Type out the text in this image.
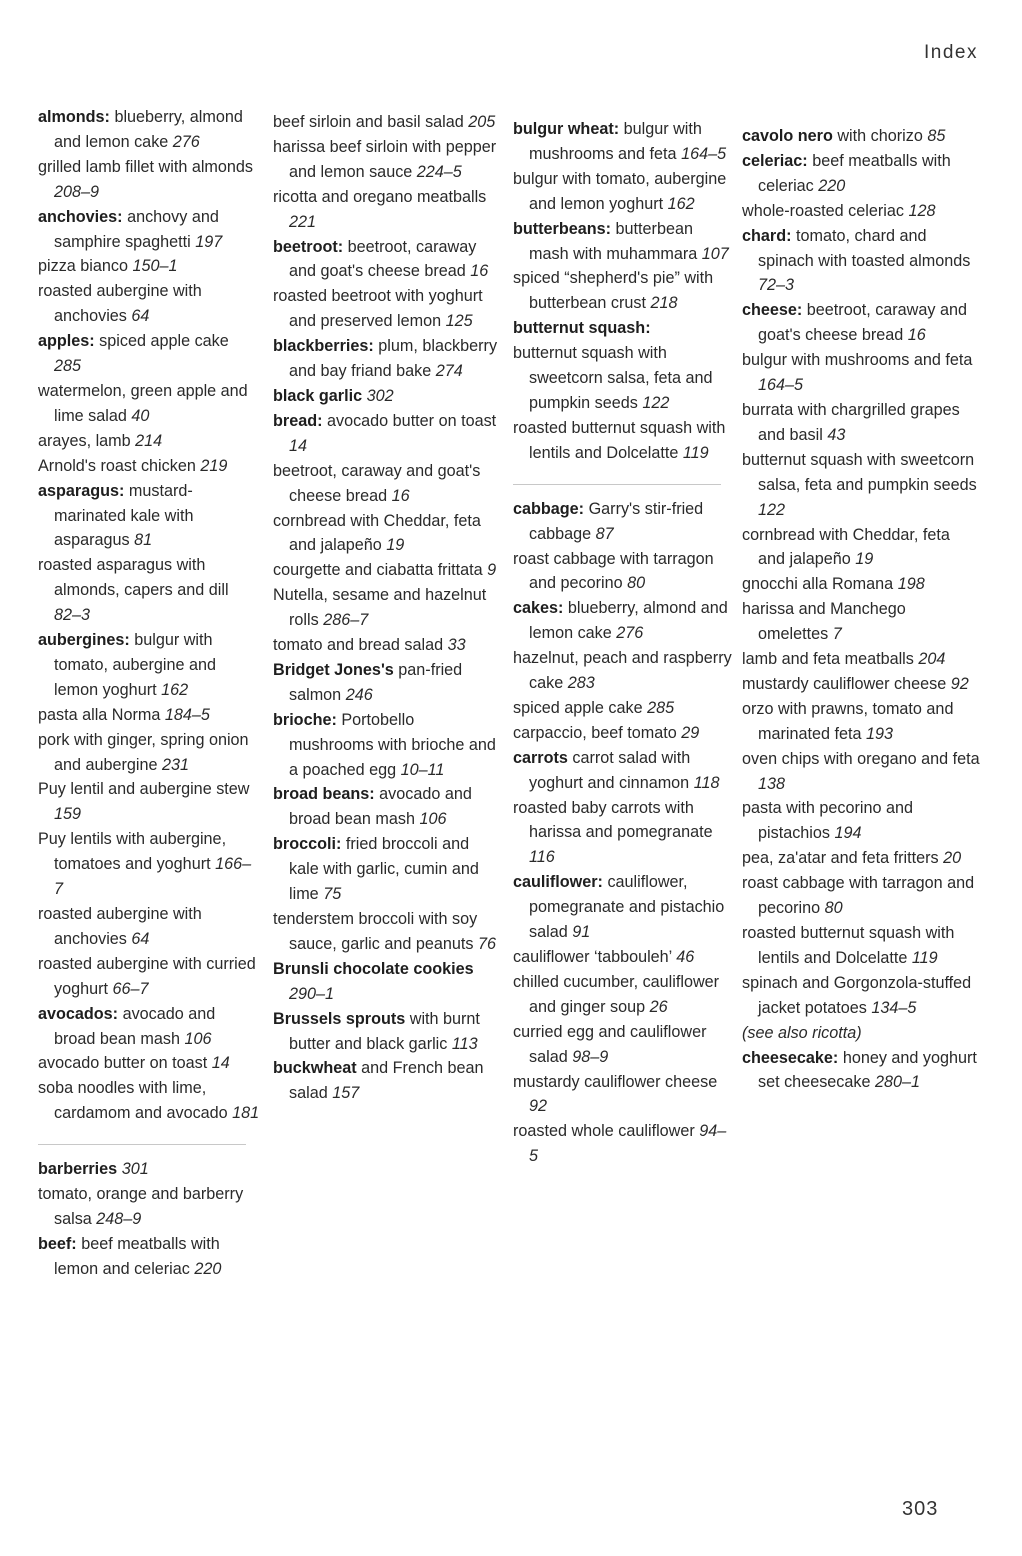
Index

almonds: blueberry, almond and lemon cake 276

grilled lamb fillet with almonds 208–9

anchovies: anchovy and samphire spaghetti 197

pizza bianco 150–1

roasted aubergine with anchovies 64

apples: spiced apple cake 285

watermelon, green apple and lime salad 40

arayes, lamb 214

Arnold's roast chicken 219

asparagus: mustard-marinated kale with asparagus 81

roasted asparagus with almonds, capers and dill 82–3

aubergines: bulgur with tomato, aubergine and lemon yoghurt 162

pasta alla Norma 184–5

pork with ginger, spring onion and aubergine 231

Puy lentil and aubergine stew 159

Puy lentils with aubergine, tomatoes and yoghurt 166–7

roasted aubergine with anchovies 64

roasted aubergine with curried yoghurt 66–7

avocados: avocado and broad bean mash 106

avocado butter on toast 14

soba noodles with lime, cardamom and avocado 181

barberries 301

tomato, orange and barberry salsa 248–9

beef: beef meatballs with lemon and celeriac 220

beef sirloin and basil salad 205

harissa beef sirloin with pepper and lemon sauce 224–5

ricotta and oregano meatballs 221

beetroot: beetroot, caraway and goat's cheese bread 16

roasted beetroot with yoghurt and preserved lemon 125

blackberries: plum, blackberry and bay friand bake 274

black garlic 302

bread: avocado butter on toast 14

beetroot, caraway and goat's cheese bread 16

cornbread with Cheddar, feta and jalapeño 19

courgette and ciabatta frittata 9

Nutella, sesame and hazelnut rolls 286–7

tomato and bread salad 33

Bridget Jones's pan-fried salmon 246

brioche: Portobello mushrooms with brioche and a poached egg 10–11

broad beans: avocado and broad bean mash 106

broccoli: fried broccoli and kale with garlic, cumin and lime 75

tenderstem broccoli with soy sauce, garlic and peanuts 76

Brunsli chocolate cookies 290–1

Brussels sprouts with burnt butter and black garlic 113

buckwheat and French bean salad 157

bulgur wheat: bulgur with mushrooms and feta 164–5

bulgur with tomato, aubergine and lemon yoghurt 162

butterbeans: butterbean mash with muhammara 107

spiced “shepherd's pie” with butterbean crust 218

butternut squash:

butternut squash with sweetcorn salsa, feta and pumpkin seeds 122

roasted butternut squash with lentils and Dolcelatte 119

cabbage: Garry's stir-fried cabbage 87

roast cabbage with tarragon and pecorino 80

cakes: blueberry, almond and lemon cake 276

hazelnut, peach and raspberry cake 283

spiced apple cake 285

carpaccio, beef tomato 29

carrots carrot salad with yoghurt and cinnamon 118

roasted baby carrots with harissa and pomegranate 116

cauliflower: cauliflower, pomegranate and pistachio salad 91

cauliflower ‘tabbouleh’ 46

chilled cucumber, cauliflower and ginger soup 26

curried egg and cauliflower salad 98–9

mustardy cauliflower cheese 92

roasted whole cauliflower 94–5

cavolo nero with chorizo 85

celeriac: beef meatballs with celeriac 220

whole-roasted celeriac 128

chard: tomato, chard and spinach with toasted almonds 72–3

cheese: beetroot, caraway and goat's cheese bread 16

bulgur with mushrooms and feta 164–5

burrata with chargrilled grapes and basil 43

butternut squash with sweetcorn salsa, feta and pumpkin seeds 122

cornbread with Cheddar, feta and jalapeño 19

gnocchi alla Romana 198

harissa and Manchego omelettes 7

lamb and feta meatballs 204

mustardy cauliflower cheese 92

orzo with prawns, tomato and marinated feta 193

oven chips with oregano and feta 138

pasta with pecorino and pistachios 194

pea, za'atar and feta fritters 20

roast cabbage with tarragon and pecorino 80

roasted butternut squash with lentils and Dolcelatte 119

spinach and Gorgonzola-stuffed jacket potatoes 134–5

(see also ricotta)

cheesecake: honey and yoghurt set cheesecake 280–1

303
